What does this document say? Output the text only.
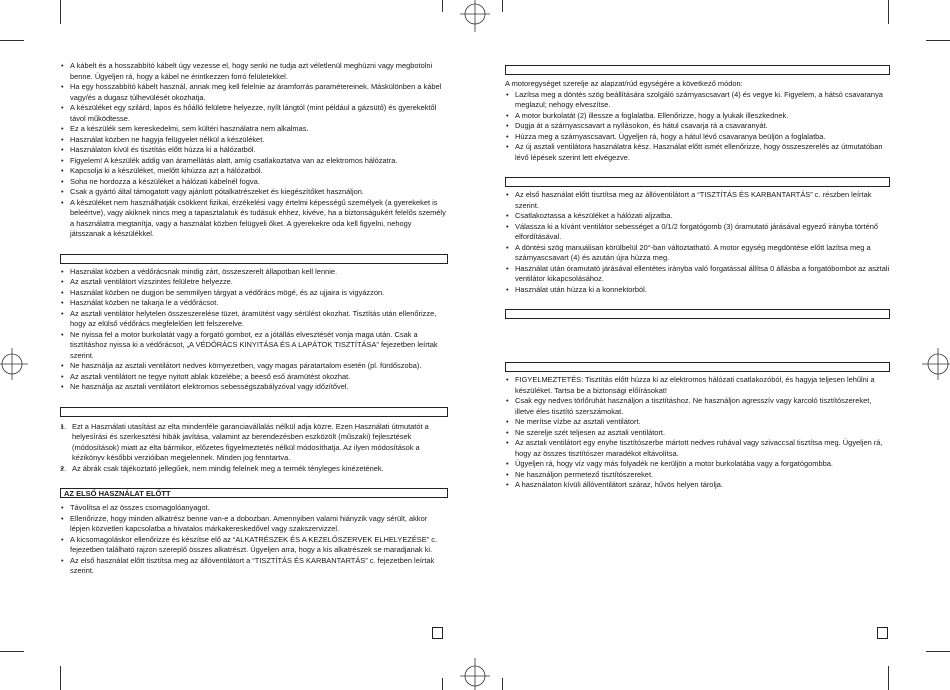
• A kábelt és a hosszabbító kábelt úgy vezesse el, hogy senki ne tudja azt véletlenül meghúzni vagy megbotolni benne. Ügyeljen rá, hogy a kábel ne érintkezzen forró felületekkel.
• Ha egy hosszabbító kábelt használ, annak meg kell felelnie az áramforrás paramétereinek. Máskülönben a kábel vagy/és a dugasz túlhevülését okozhatja.
• A készüléket egy szilárd, lapos és hőálló felületre helyezze, nyílt lángtól (mint például a gázsütő) és gyerekektől távol működtesse.
• Ez a készülék sem kereskedelmi, sem kültéri használatra nem alkalmas.
• Használat közben ne hagyja felügyelet nélkül a készüléket.
• Használaton kívül és tisztítás előtt húzza ki a hálózatból.
• Figyelem! A készülék addig van áramellátás alatt, amíg csatlakoztatva van az elektromos hálózatra.
• Kapcsolja ki a készüléket, mielőtt kihúzza azt a hálózatból.
• Soha ne hordozza a készüléket a hálózati kábelnél fogva.
• Csak a gyártó által támogatott vagy ajánlott pótalkatrészeket és kiegészítőket használjon.
• A készüléket nem használhatják csökkent fizikai, érzékelési vagy értelmi képességű személyek (a gyerekeket is beleértve), vagy akiknek nincs meg a tapasztalatuk és tudásuk ehhez, kivéve, ha a biztonságukért felelős személy a használatra megtanítja, vagy a használat közben felügyeli őket. A gyerekekre oda kell figyelni, nehogy játsszanak a készülékkel.
• Használat közben a védőrácsnak mindig zárt, összeszerelt állapotban kell lennie.
• Az asztali ventilátort vízszintes felületre helyezze.
• Használat közben ne dugjon be semmilyen tárgyat a védőrács mögé, és az ujjaira is vigyázzon.
• Használat közben ne takarja le a védőrácsot.
• Az asztali ventilátor helytelen összeszerelése tüzet, áramütést vagy sérülést okozhat. Tisztítás után ellenőrizze, hogy az elülső védőrács megfelelően lett felszerelve.
• Ne nyissa fel a motor burkolatát vagy a forgató gombot, ez a jótállás elvesztését vonja maga után. Csak a tisztításhoz nyissa ki a védőrácsot, „A VÉDŐRÁCS KINYITÁSA ÉS A LAPÁTOK TISZTÍTÁSA” fejezetben leírtak szerint.
• Ne használja az asztali ventilátort nedves környezetben, vagy magas páratartalom esetén (pl. fürdőszoba).
• Az asztali ventilátort ne tegye nyitott ablak közelébe; a beeső eső áramütést okozhat.
• Ne használja az asztali ventilátort elektromos sebességszabályzóval vagy időzítővel.
• 1. Ezt a Használati utasítást az elta mindenféle garanciavállalás nélkül adja közre. Ezen Használati útmutatót a helyesírási és szerkesztési hibák javítása, valamint az berendezésben eszközölt (műszaki) fejlesztések (módosítások) miatt az elta bármikor, előzetes figyelmeztetés nélkül módosíthatja. Az ilyen módosítások a kézikönyv későbbi verzióiban megjelennek. Minden jog fenntartva.
• 2. Az ábrák csak tájékoztató jellegűek, nem mindig felelnek meg a termék tényleges kinézetének.
AZ ELSŐ HASZNÁLAT ELŐTT
• Távolítsa el az összes csomagolóanyagot.
• Ellenőrizze, hogy minden alkatrész benne van-e a dobozban. Amennyiben valami hiányzik vagy sérült, akkor lépjen közvetlen kapcsolatba a hivatalos márkakereskedővel vagy szakszervizzel.
• A kicsomagoláskor ellenőrizze és készítse elő az “ALKATRÉSZEK ÉS A KEZELŐSZERVEK ELHELYEZÉSE” c. fejezetben található rajzon szereplő összes alkatrészt. Ügyeljen arra, hogy a kis alkatrészek se maradjanak ki.
• Az első használat előtt tisztítsa meg az állóventilátort a “TISZTÍTÁS ÉS KARBANTARTÁS” c. fejezetben leírtak szerint.

A motoregységet szerelje az alapzat/rúd egységére a következő módon:

• Lazítsa meg a döntés szög beállítására szolgáló szárnyascsavart (4) és vegye ki. Figyelem, a hátsó csavaranya meglazul; nehogy elveszítse.
• A motor burkolatát (2) illessze a foglalatba. Ellenőrizze, hogy a lyukak illeszkednek.
• Dugja át a szárnyascsavart a nyílásokon, és hátul csavarja rá a csavaranyát.
• Húzza meg a szárnyascsavart. Ügyeljen rá, hogy a hátul lévő csavaranya beüljön a foglalatba.
• Az új asztali ventilátora használatra kész. Használat előtt ismét ellenőrizze, hogy összeszerelés az útmutatóban lévő lépések szerint lett elvégezve.
• Az első használat előtt tisztítsa meg az állóventilátort a “TISZTÍTÁS ÉS KARBANTARTÁS” c. részben leírtak szerint.
• Csatlakoztassa a készüléket a hálózati aljzatba.
• Válassza ki a kívánt ventilátor sebességet a 0/1/2 forgatógomb (3) óramutató járásával egyező irányba történő elfordításával.
• A döntési szög manuálisan körülbelül 20°-ban változtatható. A motor egység megdöntése előtt lazítsa meg a szárnyascsavart (4) és azután újra húzza meg.
• Használat után óramutató járásával ellentétes irányba való forgatással állítsa 0 állásba a forgatóbombot az asztali ventilátor kikapcsolásához.
• Használat után húzza ki a konnektorból.
• FIGYELMEZTETÉS: Tisztítás előtt húzza ki az elektromos hálózati csatlakozóból, és hagyja teljesen lehűlni a készüléket. Tartsa be a biztonsági előírásokat!
• Csak egy nedves törlőruhát használjon a tisztításhoz. Ne használjon agresszív vagy karcoló tisztítószereket, illetve éles tisztító szerszámokat.
• Ne merítse vízbe az asztali ventilátort.
• Ne szerelje szét teljesen az asztali ventilátort.
• Az asztali ventilátort egy enyhe tisztítószerbe mártott nedves ruhával vagy szivaccsal tisztítsa meg. Ügyeljen rá, hogy az összes tisztítószer maradékot eltávolítsa.
• Ügyeljen rá, hogy víz vagy más folyadék ne kerüljön a motor burkolatába vagy a forgatógombba.
• Ne használjon permetező tisztítószereket.
• A használaton kívüli állóventilátort száraz, hűvös helyen tárolja.
